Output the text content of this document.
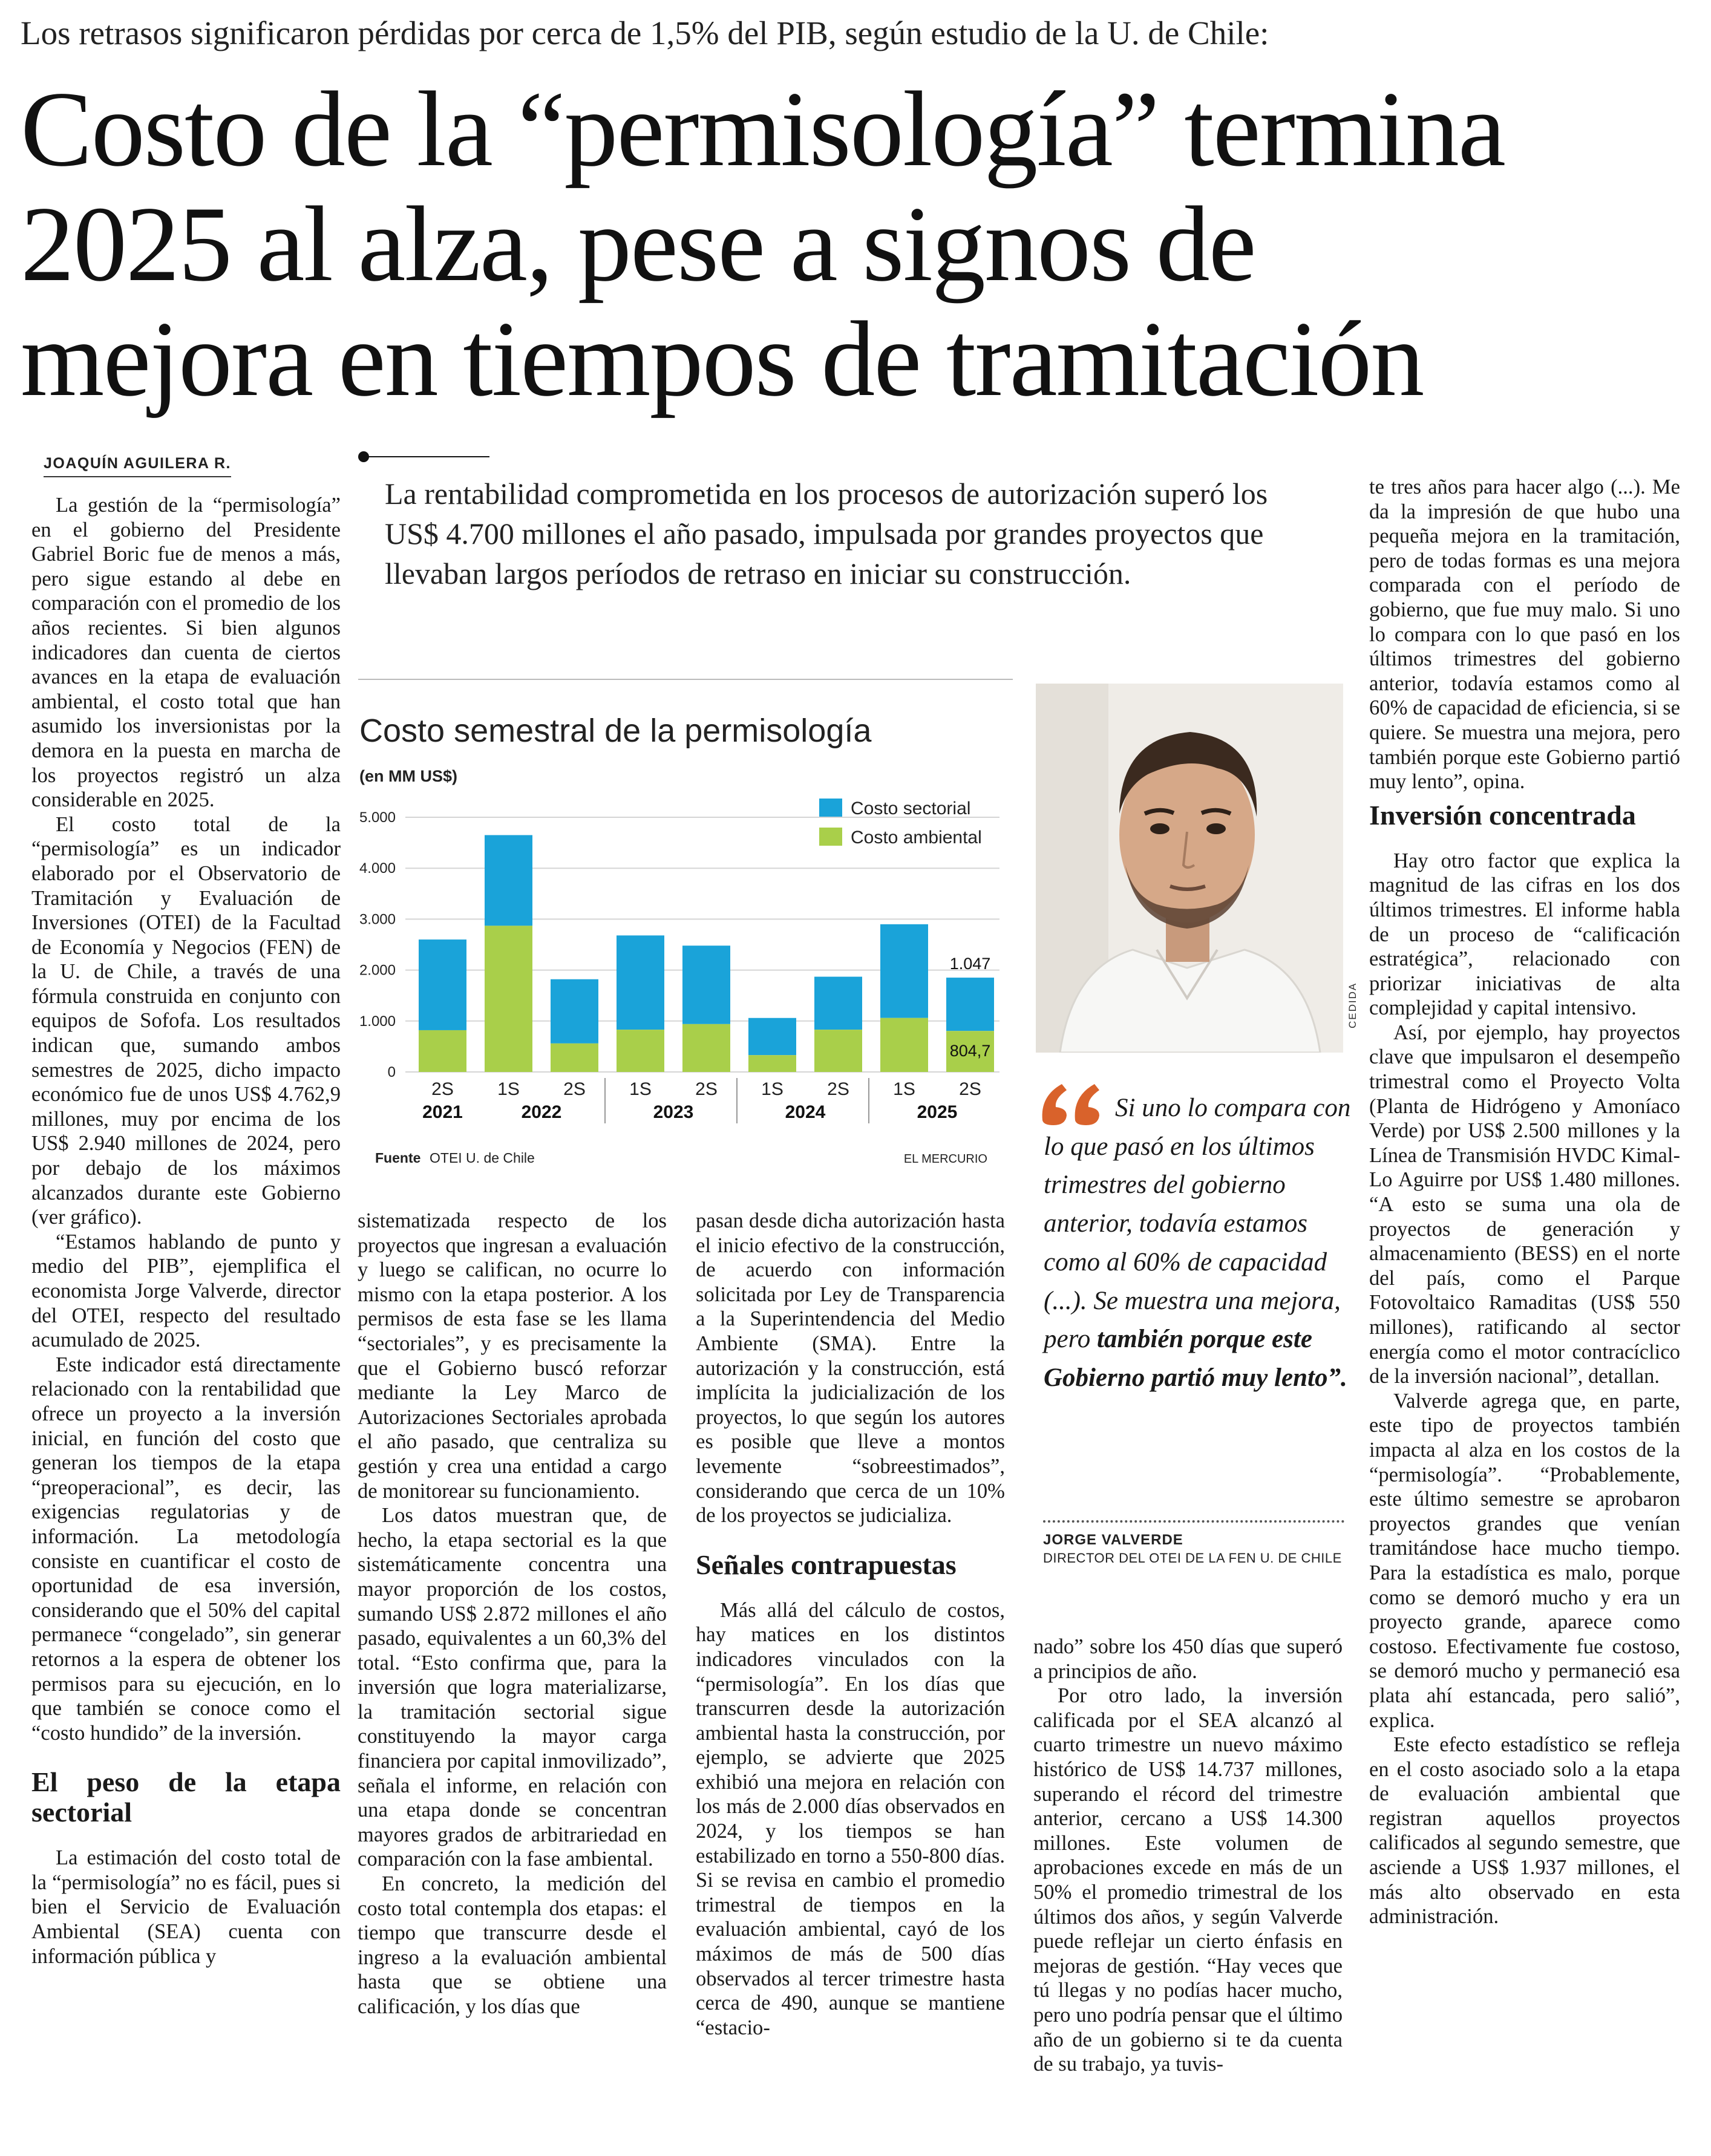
Los retrasos significaron pérdidas por cerca de 1,5% del PIB, según estudio de la U. de Chile:
Costo de la “permisología” termina
2025 al alza, pese a signos de
mejora en tiempos de tramitación
JOAQUÍN AGUILERA R.

La gestión de la “permisología” en el gobierno del Presidente Gabriel Boric fue de menos a más, pero sigue estando al debe en comparación con el promedio de los años recientes. Si bien algunos indicadores dan cuenta de ciertos avances en la etapa de evaluación ambiental, el costo total que han asumido los inversionistas por la demora en la puesta en marcha de los proyectos registró un alza considerable en 2025.

El costo total de la “permisología” es un indicador elaborado por el Observatorio de Tramitación y Evaluación de Inversiones (OTEI) de la Facultad de Economía y Negocios (FEN) de la U. de Chile, a través de una fórmula construida en conjunto con equipos de Sofofa. Los resultados indican que, sumando ambos semestres de 2025, dicho impacto económico fue de unos US$ 4.762,9 millones, muy por encima de los US$ 2.940 millones de 2024, pero por debajo de los máximos alcanzados durante este Gobierno (ver gráfico).

“Estamos hablando de punto y medio del PIB”, ejemplifica el economista Jorge Valverde, director del OTEI, respecto del resultado acumulado de 2025.

Este indicador está directamente relacionado con la rentabilidad que ofrece un proyecto a la inversión inicial, en función del costo que generan los tiempos de la etapa “preoperacional”, es decir, las exigencias regulatorias y de información. La metodología consiste en cuantificar el costo de oportunidad de esa inversión, considerando que el 50% del capital permanece “congelado”, sin generar retornos a la espera de obtener los permisos para su ejecución, en lo que también se conoce como el “costo hundido” de la inversión.

El peso de la etapa sectorial

La estimación del costo total de la “permisología” no es fácil, pues si bien el Servicio de Evaluación Ambiental (SEA) cuenta con información pública y

La rentabilidad comprometida en los procesos de autorización superó los US$ 4.700 millones el año pasado, impulsada por grandes proyectos que llevaban largos períodos de retraso en iniciar su construcción.
Costo semestral de la permisología
(en MM US$)
0
1.000
2.000
3.000
4.000
5.000
2S 1S 2S 1S 2S 1S 2S 1S 2S
2021	2022	2023	2024	2025
1.047
804,7
Costo sectorial
Costo ambiental
Fuente OTEI U. de Chile	EL MERCURIO
CEDIDA

sistematizada respecto de los proyectos que ingresan a evaluación y luego se califican, no ocurre lo mismo con la etapa posterior. A los permisos de esta fase se les llama “sectoriales”, y es precisamente la que el Gobierno buscó reforzar mediante la Ley Marco de Autorizaciones Sectoriales aprobada el año pasado, que centraliza su gestión y crea una entidad a cargo de monitorear su funcionamiento.

Los datos muestran que, de hecho, la etapa sectorial es la que sistemáticamente concentra una mayor proporción de los costos, sumando US$ 2.872 millones el año pasado, equivalentes a un 60,3% del total. “Esto confirma que, para la inversión que logra materializarse, la tramitación sectorial sigue constituyendo la mayor carga financiera por capital inmovilizado”, señala el informe, en relación con una etapa donde se concentran mayores grados de arbitrariedad en comparación con la fase ambiental.

En concreto, la medición del costo total contempla dos etapas: el tiempo que transcurre desde el ingreso a la evaluación ambiental hasta que se obtiene una calificación, y los días que

pasan desde dicha autorización hasta el inicio efectivo de la construcción, de acuerdo con información solicitada por Ley de Transparencia a la Superintendencia del Medio Ambiente (SMA). Entre la autorización y la construcción, está implícita la judicialización de los proyectos, lo que según los autores es posible que lleve a montos levemente “sobreestimados”, considerando que cerca de un 10% de los proyectos se judicializa.

Señales contrapuestas

Más allá del cálculo de costos, hay matices en los distintos indicadores vinculados con la “permisología”. En los días que transcurren desde la autorización ambiental hasta la construcción, por ejemplo, se advierte que 2025 exhibió una mejora en relación con los más de 2.000 días observados en 2024, y los tiempos se han estabilizado en torno a 550-800 días. Si se revisa en cambio el promedio trimestral de tiempos en la evaluación ambiental, cayó de los máximos de más de 500 días observados al tercer trimestre hasta cerca de 490, aunque se mantiene “estacio-

Si uno lo compara con lo que pasó en los últimos trimestres del gobierno anterior, todavía estamos como al 60% de capacidad (...). Se muestra una mejora, pero también porque este Gobierno partió muy lento”.
JORGE VALVERDE
DIRECTOR DEL OTEI DE LA FEN U. DE CHILE

nado” sobre los 450 días que superó a principios de año.

Por otro lado, la inversión calificada por el SEA alcanzó al cuarto trimestre un nuevo máximo histórico de US$ 14.737 millones, superando el récord del trimestre anterior, cercano a US$ 14.300 millones. Este volumen de aprobaciones excede en más de un 50% el promedio trimestral de los últimos dos años, y según Valverde puede reflejar un cierto énfasis en mejoras de gestión. “Hay veces que tú llegas y no podías hacer mucho, pero uno podría pensar que el último año de un gobierno si te da cuenta de su trabajo, ya tuvis-

te tres años para hacer algo (...). Me da la impresión de que hubo una pequeña mejora en la tramitación, pero de todas formas es una mejora comparada con el período de gobierno, que fue muy malo. Si uno lo compara con lo que pasó en los últimos trimestres del gobierno anterior, todavía estamos como al 60% de capacidad de eficiencia, si se quiere. Se muestra una mejora, pero también porque este Gobierno partió muy lento”, opina.

Inversión concentrada

Hay otro factor que explica la magnitud de las cifras en los dos últimos trimestres. El informe habla de un proceso de “calificación estratégica”, relacionado con priorizar iniciativas de alta complejidad y capital intensivo.

Así, por ejemplo, hay proyectos clave que impulsaron el desempeño trimestral como el Proyecto Volta (Planta de Hidrógeno y Amoníaco Verde) por US$ 2.500 millones y la Línea de Transmisión HVDC Kimal-Lo Aguirre por US$ 1.480 millones. “A esto se suma una ola de proyectos de generación y almacenamiento (BESS) en el norte del país, como el Parque Fotovoltaico Ramaditas (US$ 550 millones), ratificando al sector energía como el motor contracíclico de la inversión nacional”, detallan.

Valverde agrega que, en parte, este tipo de proyectos también impacta al alza en los costos de la “permisología”. “Probablemente, este último semestre se aprobaron proyectos grandes que venían tramitándose hace mucho tiempo. Para la estadística es malo, porque como se demoró mucho y era un proyecto grande, aparece como costoso. Efectivamente fue costoso, se demoró mucho y permaneció esa plata ahí estancada, pero salió”, explica.

Este efecto estadístico se refleja en el costo asociado solo a la etapa de evaluación ambiental que registran aquellos proyectos calificados al segundo semestre, que asciende a US$ 1.937 millones, el más alto observado en esta administración.
